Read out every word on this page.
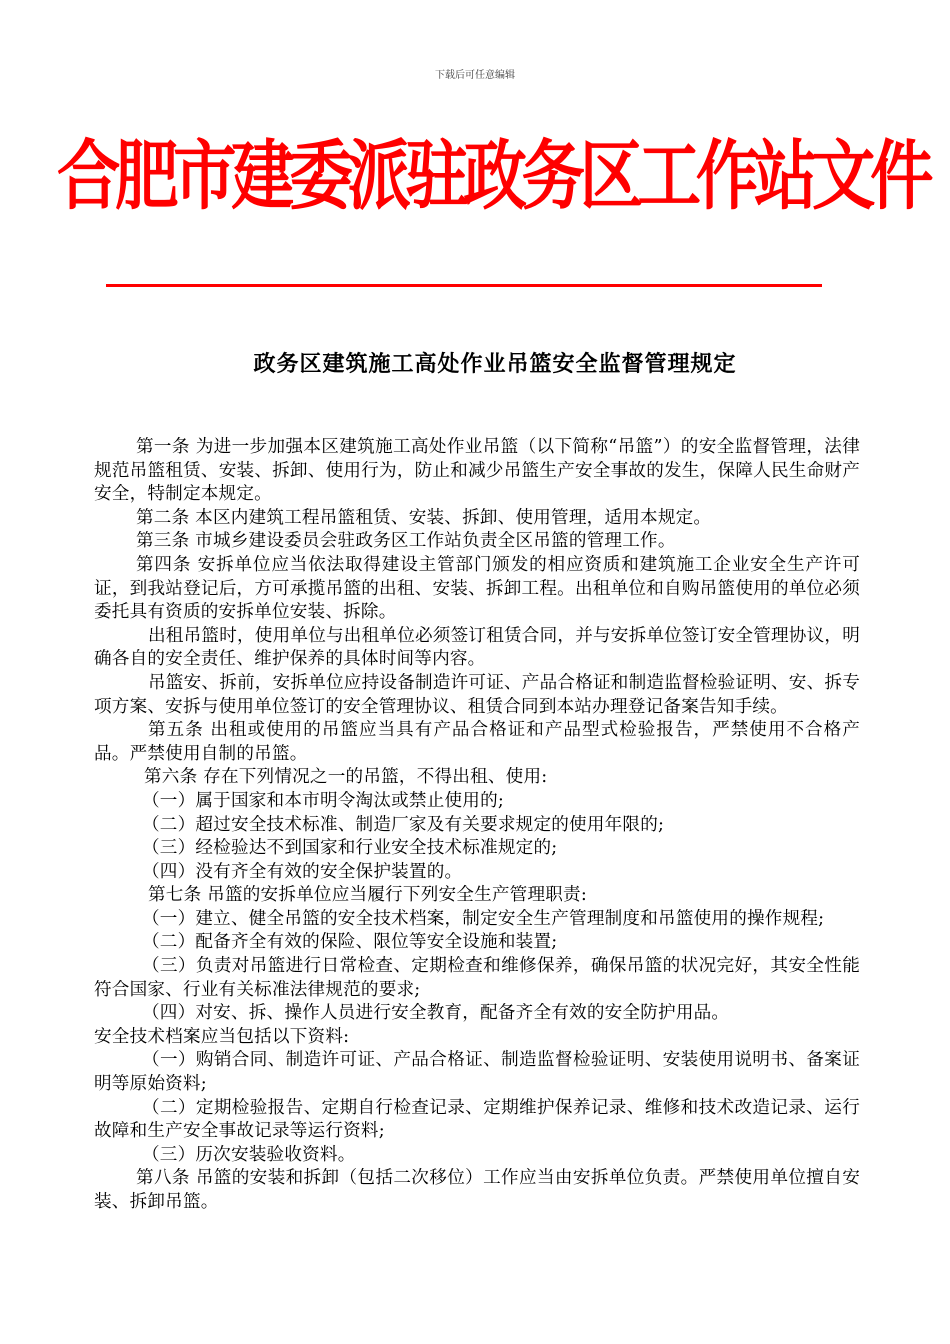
下载后可任意编辑
合肥市建委派驻政务区工作站文件
政务区建筑施工高处作业吊篮安全监督管理规定

第一条 为进一步加强本区建筑施工高处作业吊篮（以下简称“吊篮”）的安全监督管理，法律规范吊篮租赁、安装、拆卸、使用行为，防止和减少吊篮生产安全事故的发生，保障人民生命财产安全，特制定本规定。

第二条 本区内建筑工程吊篮租赁、安装、拆卸、使用管理，适用本规定。

第三条 市城乡建设委员会驻政务区工作站负责全区吊篮的管理工作。

第四条 安拆单位应当依法取得建设主管部门颁发的相应资质和建筑施工企业安全生产许可证，到我站登记后，方可承揽吊篮的出租、安装、拆卸工程。出租单位和自购吊篮使用的单位必须委托具有资质的安拆单位安装、拆除。

出租吊篮时，使用单位与出租单位必须签订租赁合同，并与安拆单位签订安全管理协议，明确各自的安全责任、维护保养的具体时间等内容。

吊篮安、拆前，安拆单位应持设备制造许可证、产品合格证和制造监督检验证明、安、拆专项方案、安拆与使用单位签订的安全管理协议、租赁合同到本站办理登记备案告知手续。

第五条 出租或使用的吊篮应当具有产品合格证和产品型式检验报告，严禁使用不合格产品。严禁使用自制的吊篮。

第六条 存在下列情况之一的吊篮，不得出租、使用:

（一）属于国家和本市明令淘汰或禁止使用的;

（二）超过安全技术标准、制造厂家及有关要求规定的使用年限的;

（三）经检验达不到国家和行业安全技术标准规定的;

（四）没有齐全有效的安全保护装置的。

第七条 吊篮的安拆单位应当履行下列安全生产管理职责:

（一）建立、健全吊篮的安全技术档案，制定安全生产管理制度和吊篮使用的操作规程;

（二）配备齐全有效的保险、限位等安全设施和装置;

（三）负责对吊篮进行日常检查、定期检查和维修保养，确保吊篮的状况完好，其安全性能符合国家、行业有关标准法律规范的要求;

（四）对安、拆、操作人员进行安全教育，配备齐全有效的安全防护用品。

安全技术档案应当包括以下资料:

（一）购销合同、制造许可证、产品合格证、制造监督检验证明、安装使用说明书、备案证明等原始资料;

（二）定期检验报告、定期自行检查记录、定期维护保养记录、维修和技术改造记录、运行故障和生产安全事故记录等运行资料;

（三）历次安装验收资料。

第八条 吊篮的安装和拆卸（包括二次移位）工作应当由安拆单位负责。严禁使用单位擅自安装、拆卸吊篮。
